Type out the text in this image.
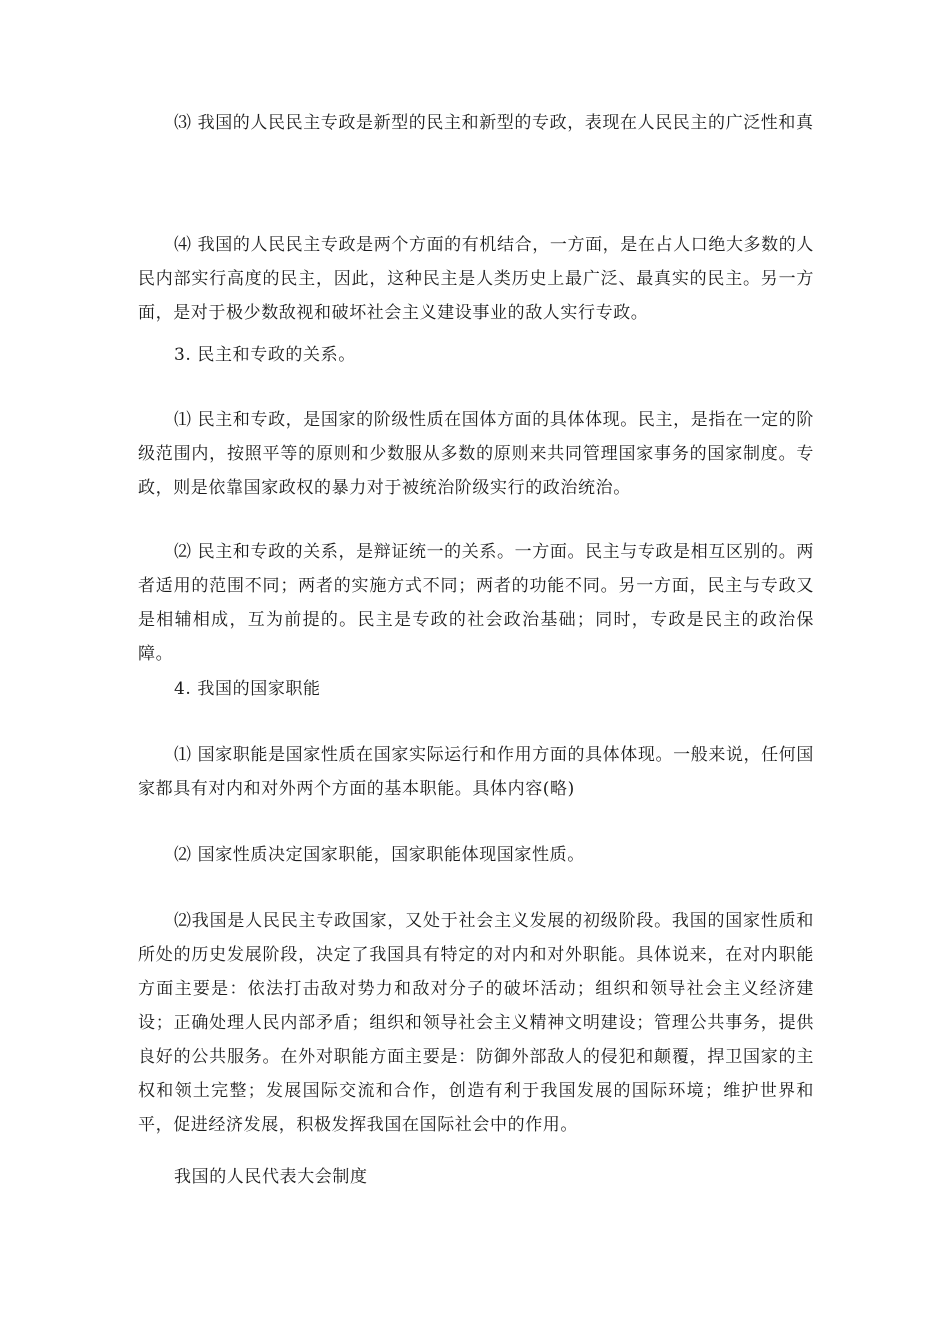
⑶ 我国的人民民主专政是新型的民主和新型的专政，表现在人民民主的广泛性和真

⑷ 我国的人民民主专政是两个方面的有机结合，一方面，是在占人口绝大多数的人民内部实行高度的民主，因此，这种民主是人类历史上最广泛、最真实的民主。另一方面，是对于极少数敌视和破坏社会主义建设事业的敌人实行专政。

3. 民主和专政的关系。

⑴ 民主和专政，是国家的阶级性质在国体方面的具体体现。民主，是指在一定的阶级范围内，按照平等的原则和少数服从多数的原则来共同管理国家事务的国家制度。专政，则是依靠国家政权的暴力对于被统治阶级实行的政治统治。

⑵ 民主和专政的关系，是辩证统一的关系。一方面。民主与专政是相互区别的。两者适用的范围不同；两者的实施方式不同；两者的功能不同。另一方面，民主与专政又是相辅相成，互为前提的。民主是专政的社会政治基础；同时，专政是民主的政治保障。

4. 我国的国家职能

⑴ 国家职能是国家性质在国家实际运行和作用方面的具体体现。一般来说，任何国家都具有对内和对外两个方面的基本职能。具体内容(略)

⑵ 国家性质决定国家职能，国家职能体现国家性质。

⑵我国是人民民主专政国家，又处于社会主义发展的初级阶段。我国的国家性质和所处的历史发展阶段，决定了我国具有特定的对内和对外职能。具体说来，在对内职能方面主要是：依法打击敌对势力和敌对分子的破坏活动；组织和领导社会主义经济建设；正确处理人民内部矛盾；组织和领导社会主义精神文明建设；管理公共事务，提供良好的公共服务。在外对职能方面主要是：防御外部敌人的侵犯和颠覆，捍卫国家的主权和领土完整；发展国际交流和合作，创造有利于我国发展的国际环境；维护世界和平，促进经济发展，积极发挥我国在国际社会中的作用。

我国的人民代表大会制度
